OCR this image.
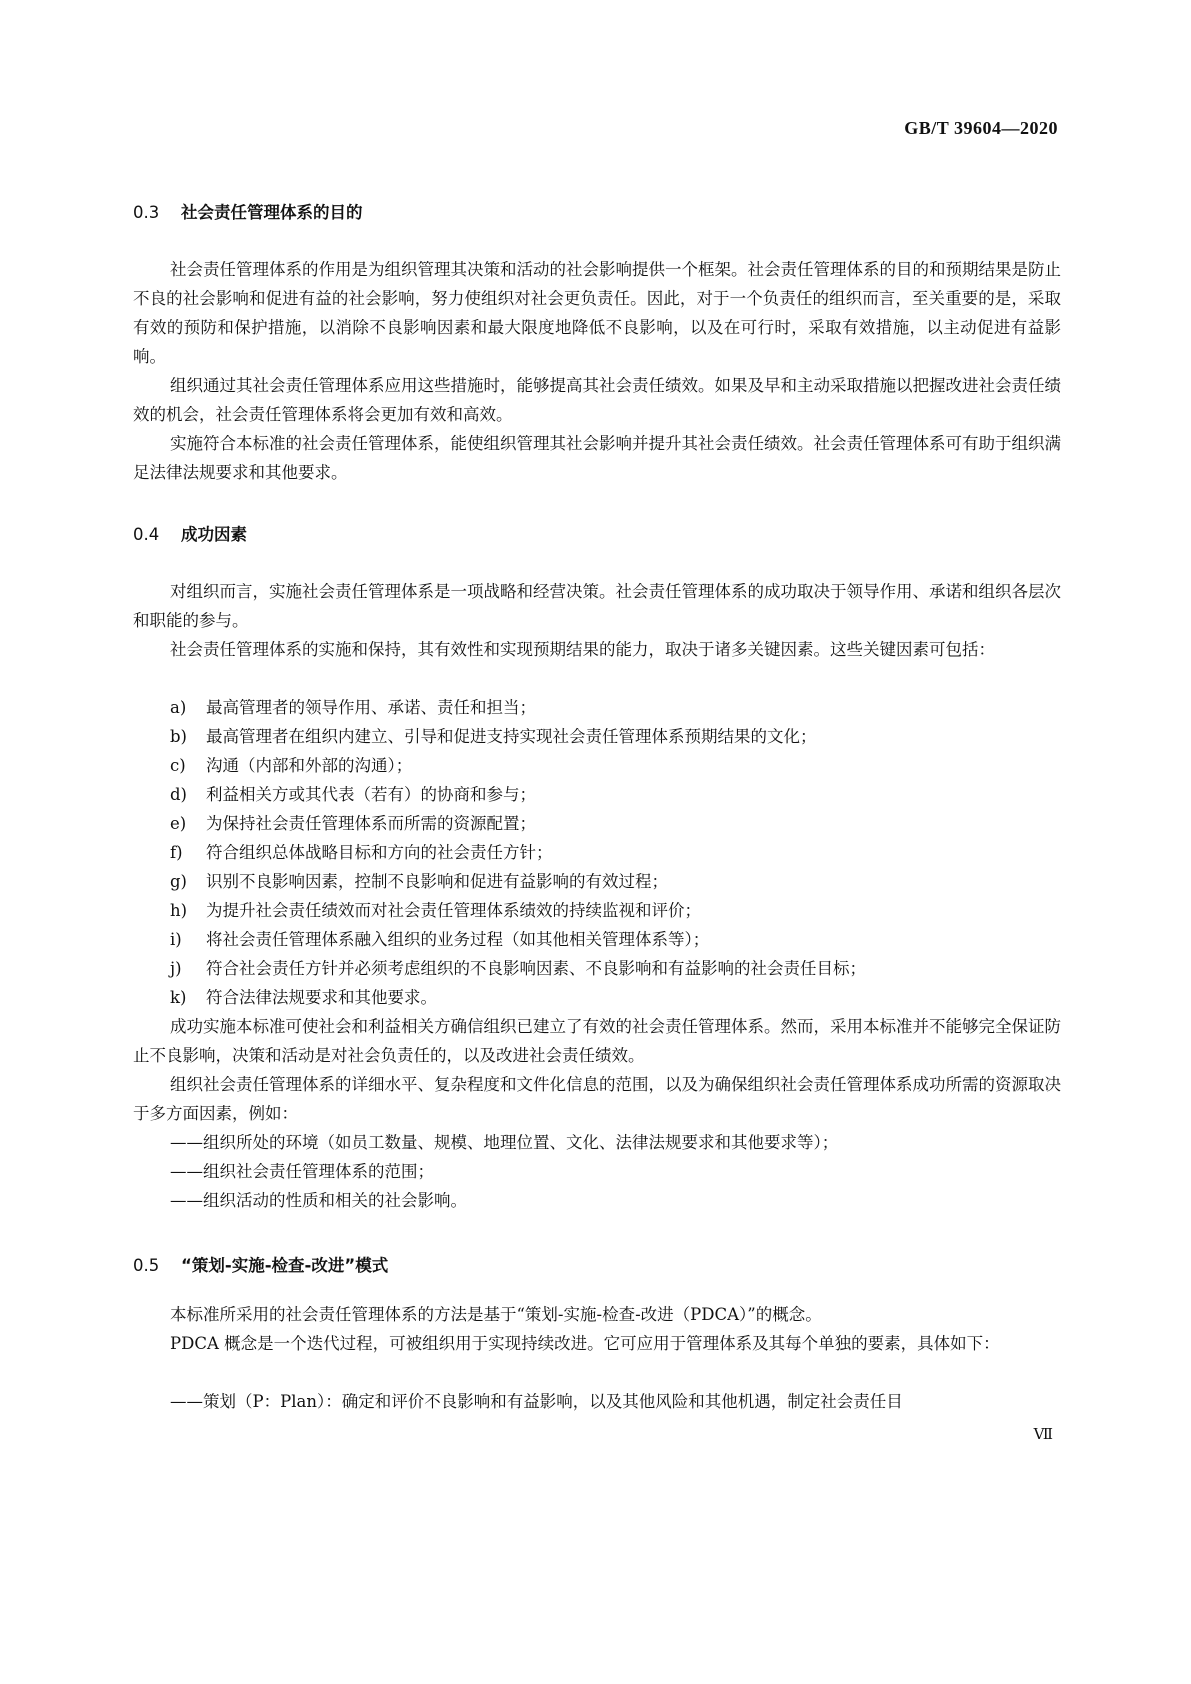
GB/T 39604—2020
0.3 社会责任管理体系的目的

社会责任管理体系的作用是为组织管理其决策和活动的社会影响提供一个框架。社会责任管理体系的目的和预期结果是防止不良的社会影响和促进有益的社会影响，努力使组织对社会更负责任。因此，对于一个负责任的组织而言，至关重要的是，采取有效的预防和保护措施，以消除不良影响因素和最大限度地降低不良影响，以及在可行时，采取有效措施，以主动促进有益影响。

组织通过其社会责任管理体系应用这些措施时，能够提高其社会责任绩效。如果及早和主动采取措施以把握改进社会责任绩效的机会，社会责任管理体系将会更加有效和高效。

实施符合本标准的社会责任管理体系，能使组织管理其社会影响并提升其社会责任绩效。社会责任管理体系可有助于组织满足法律法规要求和其他要求。

0.4 成功因素

对组织而言，实施社会责任管理体系是一项战略和经营决策。社会责任管理体系的成功取决于领导作用、承诺和组织各层次和职能的参与。

社会责任管理体系的实施和保持，其有效性和实现预期结果的能力，取决于诸多关键因素。这些关键因素可包括：

a) 最高管理者的领导作用、承诺、责任和担当；
b) 最高管理者在组织内建立、引导和促进支持实现社会责任管理体系预期结果的文化；
c) 沟通（内部和外部的沟通）；
d) 利益相关方或其代表（若有）的协商和参与；
e) 为保持社会责任管理体系而所需的资源配置；
f) 符合组织总体战略目标和方向的社会责任方针；
g) 识别不良影响因素，控制不良影响和促进有益影响的有效过程；
h) 为提升社会责任绩效而对社会责任管理体系绩效的持续监视和评价；
i) 将社会责任管理体系融入组织的业务过程（如其他相关管理体系等）；
j) 符合社会责任方针并必须考虑组织的不良影响因素、不良影响和有益影响的社会责任目标；
k) 符合法律法规要求和其他要求。

成功实施本标准可使社会和利益相关方确信组织已建立了有效的社会责任管理体系。然而，采用本标准并不能够完全保证防止不良影响，决策和活动是对社会负责任的，以及改进社会责任绩效。

组织社会责任管理体系的详细水平、复杂程度和文件化信息的范围，以及为确保组织社会责任管理体系成功所需的资源取决于多方面因素，例如：

——组织所处的环境（如员工数量、规模、地理位置、文化、法律法规要求和其他要求等）；
——组织社会责任管理体系的范围；
——组织活动的性质和相关的社会影响。
0.5 “策划-实施-检查-改进”模式

本标准所采用的社会责任管理体系的方法是基于“策划-实施-检查-改进（PDCA）”的概念。

PDCA 概念是一个迭代过程，可被组织用于实现持续改进。它可应用于管理体系及其每个单独的要素，具体如下：

——策划（P：Plan）：确定和评价不良影响和有益影响，以及其他风险和其他机遇，制定社会责任目
Ⅶ
